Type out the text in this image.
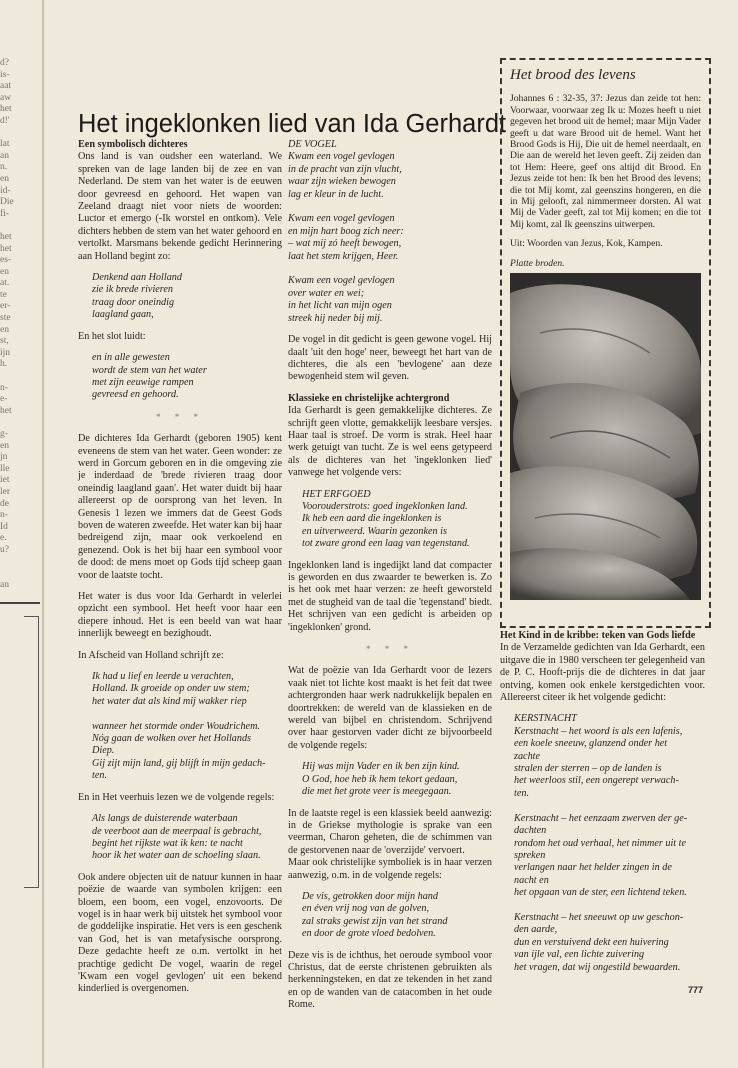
d?
is-
aat
aw
het
d!'

lat
an
n.
en
id-
Die
fi-

het
het
es-
en
at.
te
er-
ste
en
st,
ijn
h.

n-
e-
het

g-
en
jn
lle
iet
ler
de
n-
Id
e.
u?

an
Het ingeklonken lied van Ida Gerhardt

Een symbolisch dichteres

Ons land is van oudsher een waterland. We spreken van de lage landen bij de zee en van Nederland. De stem van het water is de eeuwen door gevreesd en gehoord. Het wapen van Zeeland draagt niet voor niets de woorden: Luctor et emergo (-Ik worstel en ontkom). Vele dichters hebben de stem van het water gehoord en vertolkt. Marsmans bekende gedicht Herinnering aan Holland begint zo:

Denkend aan Holland
zie ik brede rivieren
traag door oneindig
laagland gaan,

En het slot luidt:

en in alle gewesten
wordt de stem van het water
met zijn eeuwige rampen
gevreesd en gehoord.
* * *

De dichteres Ida Gerhardt (geboren 1905) kent eveneens de stem van het water. Geen wonder: ze werd in Gorcum geboren en in die omgeving zie je inderdaad de 'brede rivieren traag door oneindig laagland gaan'. Het water duidt bij haar allereerst op de oorsprong van het leven. In Genesis 1 lezen we immers dat de Geest Gods boven de wateren zweefde. Het water kan bij haar bedreigend zijn, maar ook verkoelend en genezend. Ook is het bij haar een symbool voor de dood: de mens moet op Gods tijd scheep gaan voor de laatste tocht.

Het water is dus voor Ida Gerhardt in velerlei opzicht een symbool. Het heeft voor haar een diepere inhoud. Het is een beeld van wat haar innerlijk beweegt en bezighoudt.

In Afscheid van Holland schrijft ze:

Ik had u lief en leerde u verachten,
Holland. Ik groeide op onder uw stem;
het water dat als kind mij wakker riep

wanneer het stormde onder Woudrichem.
Nóg gaan de wolken over het Hollands
Diep.
Gij zijt mijn land, gij blijft in mijn gedach-
ten.

En in Het veerhuis lezen we de volgende regels:

Als langs de duisterende waterbaan
de veerboot aan de meerpaal is gebracht,
begint het rijkste wat ik ken: te nacht
hoor ik het water aan de schoeling slaan.

Ook andere objecten uit de natuur kunnen in haar poëzie de waarde van symbolen krijgen: een bloem, een boom, een vogel, enzovoorts. De vogel is in haar werk bij uitstek het symbool voor de goddelijke inspiratie. Het vers is een geschenk van God, het is van metafysische oorsprong. Deze gedachte heeft ze o.m. vertolkt in het prachtige gedicht De vogel, waarin de regel 'Kwam een vogel gevlogen' uit een bekend kinderlied is overgenomen.

DE VOGEL
Kwam een vogel gevlogen
in de pracht van zijn vlucht,
waar zijn wieken bewogen
lag er kleur in de lucht.

Kwam een vogel gevlogen
en mijn hart boog zich neer:
– wat mij zó heeft bewogen,
laat het stem krijgen, Heer.

Kwam een vogel gevlogen
over water en wei;
in het licht van mijn ogen
streek hij neder bij mij.

De vogel in dit gedicht is geen gewone vogel. Hij daalt 'uit den hoge' neer, beweegt het hart van de dichteres, die als een 'bevlogene' aan deze bewogenheid stem wil geven.

Klassieke en christelijke achtergrond

Ida Gerhardt is geen gemakkelijke dichteres. Ze schrijft geen vlotte, gemakkelijk leesbare versjes. Haar taal is stroef. De vorm is strak. Heel haar werk getuigt van tucht. Ze is wel eens getypeerd als de dichteres van het 'ingeklonken lied' vanwege het volgende vers:

HET ERFGOED
Voorouderstrots: goed ingeklonken land.
Ik heb een aard die ingeklonken is
en uitverweerd. Waarin gezonken is
tot zware grond een laag van tegenstand.

Ingeklonken land is ingedijkt land dat compacter is geworden en dus zwaarder te bewerken is. Zo is het ook met haar verzen: ze heeft geworsteld met de stugheid van de taal die 'tegenstand' biedt. Het schrijven van een gedicht is arbeiden op 'ingeklonken' grond.

* * *

Wat de poëzie van Ida Gerhardt voor de lezers vaak niet tot lichte kost maakt is het feit dat twee achtergronden haar werk nadrukkelijk bepalen en doortrekken: de wereld van de klassieken en de wereld van bijbel en christendom. Schrijvend over haar gestorven vader dicht ze bijvoorbeeld de volgende regels:

Hij was mijn Vader en ik ben zijn kind.
O God, hoe heb ik hem tekort gedaan,
die met het grote veer is meegegaan.

In de laatste regel is een klassiek beeld aanwezig: in de Griekse mythologie is sprake van een veerman, Charon geheten, die de schimmen van de gestorvenen naar de 'overzijde' vervoert.

Maar ook christelijke symboliek is in haar verzen aanwezig, o.m. in de volgende regels:

De vis, getrokken door mijn hand
en éven vrij nog van de golven,
zal straks gewist zijn van het strand
en door de grote vloed bedolven.

Deze vis is de ichthus, het oeroude symbool voor Christus, dat de eerste christenen gebruikten als herkenningsteken, en dat ze tekenden in het zand en op de wanden van de catacomben in het oude Rome.

Het brood des levens

Johannes 6 : 32-35, 37: Jezus dan zeide tot hen: Voorwaar, voorwaar zeg Ik u: Mozes heeft u niet gegeven het brood uit de hemel; maar Mijn Vader geeft u dat ware Brood uit de hemel. Want het Brood Gods is Hij, Die uit de hemel neerdaalt, en Die aan de wereld het leven geeft. Zij zeiden dan tot Hem: Heere, geef ons altijd dit Brood. En Jezus zeide tot hen: Ik ben het Brood des levens; die tot Mij komt, zal geenszins hongeren, en die in Mij gelooft, zal nimmermeer dorsten. Al wat Mij de Vader geeft, zal tot Mij komen; en die tot Mij komt, zal Ik geenszins uitwerpen.

Uit: Woorden van Jezus, Kok, Kampen.

Platte broden.

Het Kind in de kribbe: teken van Gods liefde

In de Verzamelde gedichten van Ida Gerhardt, een uitgave die in 1980 verscheen ter gelegenheid van de P. C. Hooft-prijs die de dichteres in dat jaar ontving, komen ook enkele kerstgedichten voor. Allereerst citeer ik het volgende gedicht:

KERSTNACHT
Kerstnacht – het woord is als een lafenis,
een koele sneeuw, glanzend onder het
zachte
stralen der sterren – op de landen is
het weerloos stil, een ongerept verwach-
ten.

Kerstnacht – het eenzaam zwerven der ge-
dachten
rondom het oud verhaal, het nimmer uit te
spreken
verlangen naar het helder zingen in de
nacht en
het opgaan van de ster, een lichtend teken.

Kerstnacht – het sneeuwt op uw geschon-
den aarde,
dun en verstuivend dekt een huivering
van ijle val, een lichte zuivering
het vragen, dat wij ongestild bewaarden.
777
